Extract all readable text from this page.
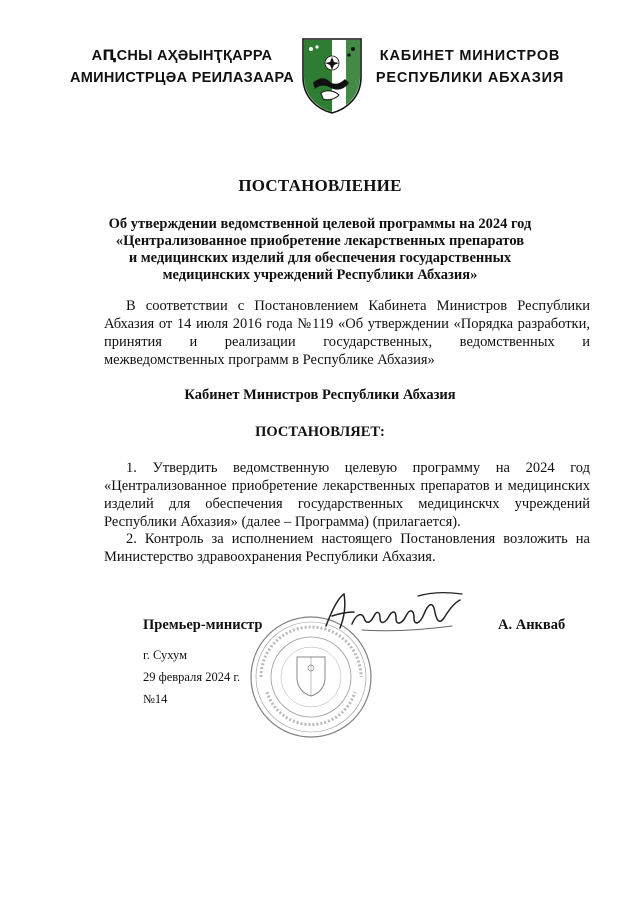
АԤСНЫ АҲӘЫНҬҚАРРА
АМИНИСТРЦӘА РЕИЛАЗААРА
КАБИНЕТ МИНИСТРОВ
РЕСПУБЛИКИ АБХАЗИЯ
ПОСТАНОВЛЕНИЕ
Об утверждении ведомственной целевой программы на 2024 год
«Централизованное приобретение лекарственных препаратов
и медицинских изделий для обеспечения государственных
медицинских учреждений Республики Абхазия»
В соответствии с Постановлением Кабинета Министров Республики Абхазия от 14 июля 2016 года №119 «Об утверждении «Порядка разработки, принятия и реализации государственных, ведомственных и межведомственных программ в Республике Абхазия»
Кабинет Министров Республики Абхазия
ПОСТАНОВЛЯЕТ:
1. Утвердить ведомственную целевую программу на 2024 год «Централизованное приобретение лекарственных препаратов и медицинских изделий для обеспечения государственных медицинскчх учреждений Республики Абхазия» (далее – Программа) (прилагается).
2. Контроль за исполнением настоящего Постановления возложить на Министерство здравоохранения Республики Абхазия.
Премьер-министр	А. Анкваб
г. Сухум
29 февраля 2024 г.
№14
